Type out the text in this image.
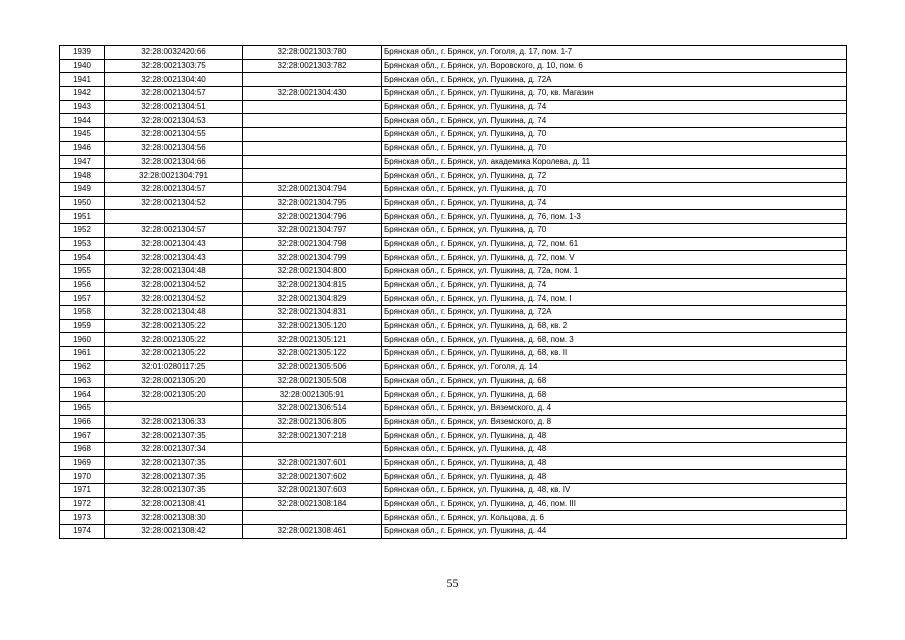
1939	32:28:0032420:66	32:28:0021303:780	Брянская обл., г. Брянск, ул. Гоголя, д. 17, пом. 1-7
1940	32:28:0021303:75	32:28:0021303:782	Брянская обл., г. Брянск, ул. Воровского, д. 10, пом. 6
1941	32:28:0021304:40		Брянская обл., г. Брянск, ул. Пушкина, д. 72А
1942	32:28:0021304:57	32:28:0021304:430	Брянская обл., г. Брянск, ул. Пушкина, д. 70, кв. Магазин
1943	32:28:0021304:51		Брянская обл., г. Брянск, ул. Пушкина, д. 74
1944	32:28:0021304:53		Брянская обл., г. Брянск, ул. Пушкина, д. 74
1945	32:28:0021304:55		Брянская обл., г. Брянск, ул. Пушкина, д. 70
1946	32:28:0021304:56		Брянская обл., г. Брянск, ул. Пушкина, д. 70
1947	32:28:0021304:66		Брянская обл., г. Брянск, ул. академика Королева, д. 11
1948	32:28:0021304:791		Брянская обл., г. Брянск, ул. Пушкина, д. 72
1949	32:28:0021304:57	32:28:0021304:794	Брянская обл., г. Брянск, ул. Пушкина, д. 70
1950	32:28:0021304:52	32:28:0021304:795	Брянская обл., г. Брянск, ул. Пушкина, д. 74
1951		32:28:0021304:796	Брянская обл., г. Брянск, ул. Пушкина, д. 76, пом. 1-3
1952	32:28:0021304:57	32:28:0021304:797	Брянская обл., г. Брянск, ул. Пушкина, д. 70
1953	32:28:0021304:43	32:28:0021304:798	Брянская обл., г. Брянск, ул. Пушкина, д. 72, пом. 61
1954	32:28:0021304:43	32:28:0021304:799	Брянская обл., г. Брянск, ул. Пушкина, д. 72, пом. V
1955	32:28:0021304:48	32:28:0021304:800	Брянская обл., г. Брянск, ул. Пушкина, д. 72а, пом. 1
1956	32:28:0021304:52	32:28:0021304:815	Брянская обл., г. Брянск, ул. Пушкина, д. 74
1957	32:28:0021304:52	32:28:0021304:829	Брянская обл., г. Брянск, ул. Пушкина, д. 74, пом. I
1958	32:28:0021304:48	32:28:0021304:831	Брянская обл., г. Брянск, ул. Пушкина, д. 72А
1959	32:28:0021305:22	32:28:0021305:120	Брянская обл., г. Брянск, ул. Пушкина, д. 68, кв. 2
1960	32:28:0021305:22	32:28:0021305:121	Брянская обл., г. Брянск, ул. Пушкина, д. 68, пом. 3
1961	32:28:0021305:22	32:28:0021305:122	Брянская обл., г. Брянск, ул. Пушкина, д. 68, кв. II
1962	32:01:0280117:25	32:28:0021305:506	Брянская обл., г. Брянск, ул. Гоголя, д. 14
1963	32:28:0021305:20	32:28:0021305:508	Брянская обл., г. Брянск, ул. Пушкина, д. 68
1964	32:28:0021305:20	32:28:0021305:91	Брянская обл., г. Брянск, ул. Пушкина, д. 68
1965		32:28:0021306:514	Брянская обл., г. Брянск, ул. Вяземского, д. 4
1966	32:28:0021306:33	32:28:0021306:805	Брянская обл., г. Брянск, ул. Вяземского, д. 8
1967	32:28:0021307:35	32:28:0021307:218	Брянская обл., г. Брянск, ул. Пушкина, д. 48
1968	32:28:0021307:34		Брянская обл., г. Брянск, ул. Пушкина, д. 48
1969	32:28:0021307:35	32:28:0021307:601	Брянская обл., г. Брянск, ул. Пушкина, д. 48
1970	32:28:0021307:35	32:28:0021307:602	Брянская обл., г. Брянск, ул. Пушкина, д. 48
1971	32:28:0021307:35	32:28:0021307:603	Брянская обл., г. Брянск, ул. Пушкина, д. 48, кв. IV
1972	32:28:0021308:41	32:28:0021308:184	Брянская обл., г. Брянск, ул. Пушкина, д. 46, пом. III
1973	32:28:0021308:30		Брянская обл., г. Брянск, ул. Кольцова, д. 6
1974	32:28:0021308:42	32:28:0021308:461	Брянская обл., г. Брянск, ул. Пушкина, д. 44
55
